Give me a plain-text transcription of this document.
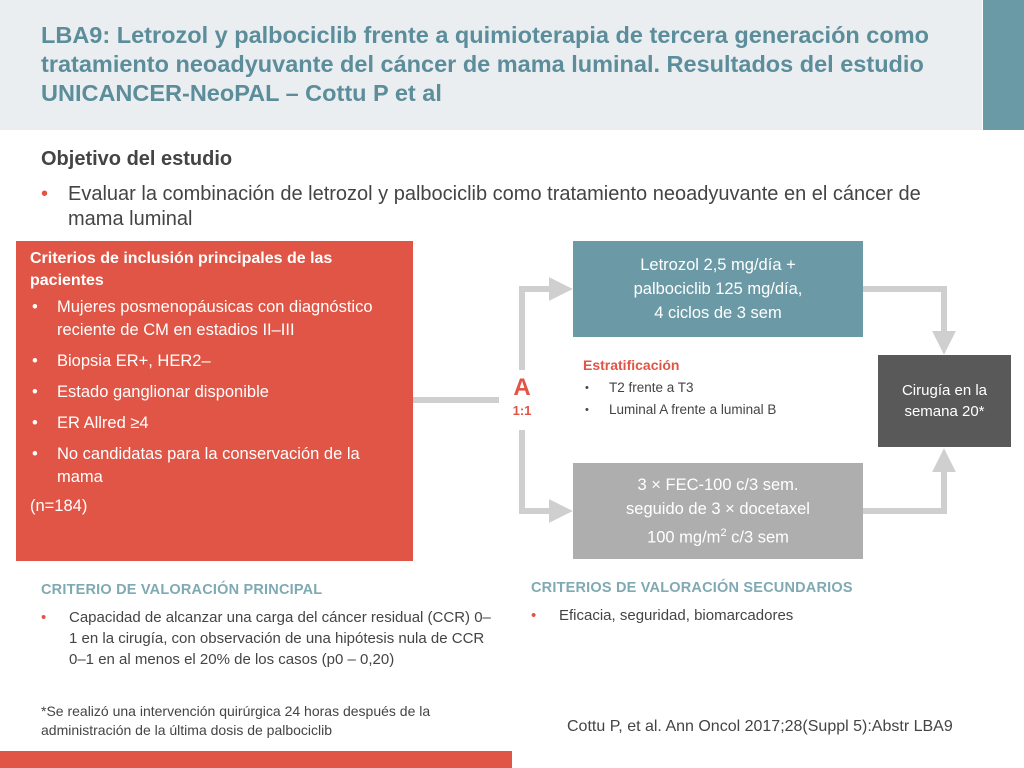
LBA9: Letrozol y palbociclib frente a quimioterapia de tercera generación como tratamiento neoadyuvante del cáncer de mama luminal. Resultados del estudio UNICANCER-NeoPAL – Cottu P et al
Objetivo del estudio
• Evaluar la combinación de letrozol y palbociclib como tratamiento neoadyuvante en el cáncer de mama luminal

Criterios de inclusión principales de las pacientes

• Mujeres posmenopáusicas con diagnóstico reciente de CM en estadios II–III
• Biopsia ER+, HER2–
• Estado ganglionar disponible
• ER Allred ≥4
• No candidatas para la conservación de la mama
(n=184)
A
1:1
Letrozol 2,5 mg/día +
palbociclib 125 mg/día,
4 ciclos de 3 sem
3 × FEC-100 c/3 sem.
seguido de 3 × docetaxel
100 $mg/m^2$ c/3 sem

Estratificación

• T2 frente a T3
• Luminal A frente a luminal B
Cirugía en la
semana 20*
CRITERIO DE VALORACIÓN PRINCIPAL
•	Capacidad de alcanzar una carga del cáncer residual (CCR) 0–1 en la cirugía, con observación de una hipótesis nula de CCR 0–1 en al menos el 20% de los casos (p0 – 0,20)
CRITERIOS DE VALORACIÓN SECUNDARIOS
•	Eficacia, seguridad, biomarcadores
*Se realizó una intervención quirúrgica 24 horas después de la administración de la última dosis de palbociclib	Cottu P, et al. Ann Oncol 2017;28(Suppl 5):Abstr LBA9
